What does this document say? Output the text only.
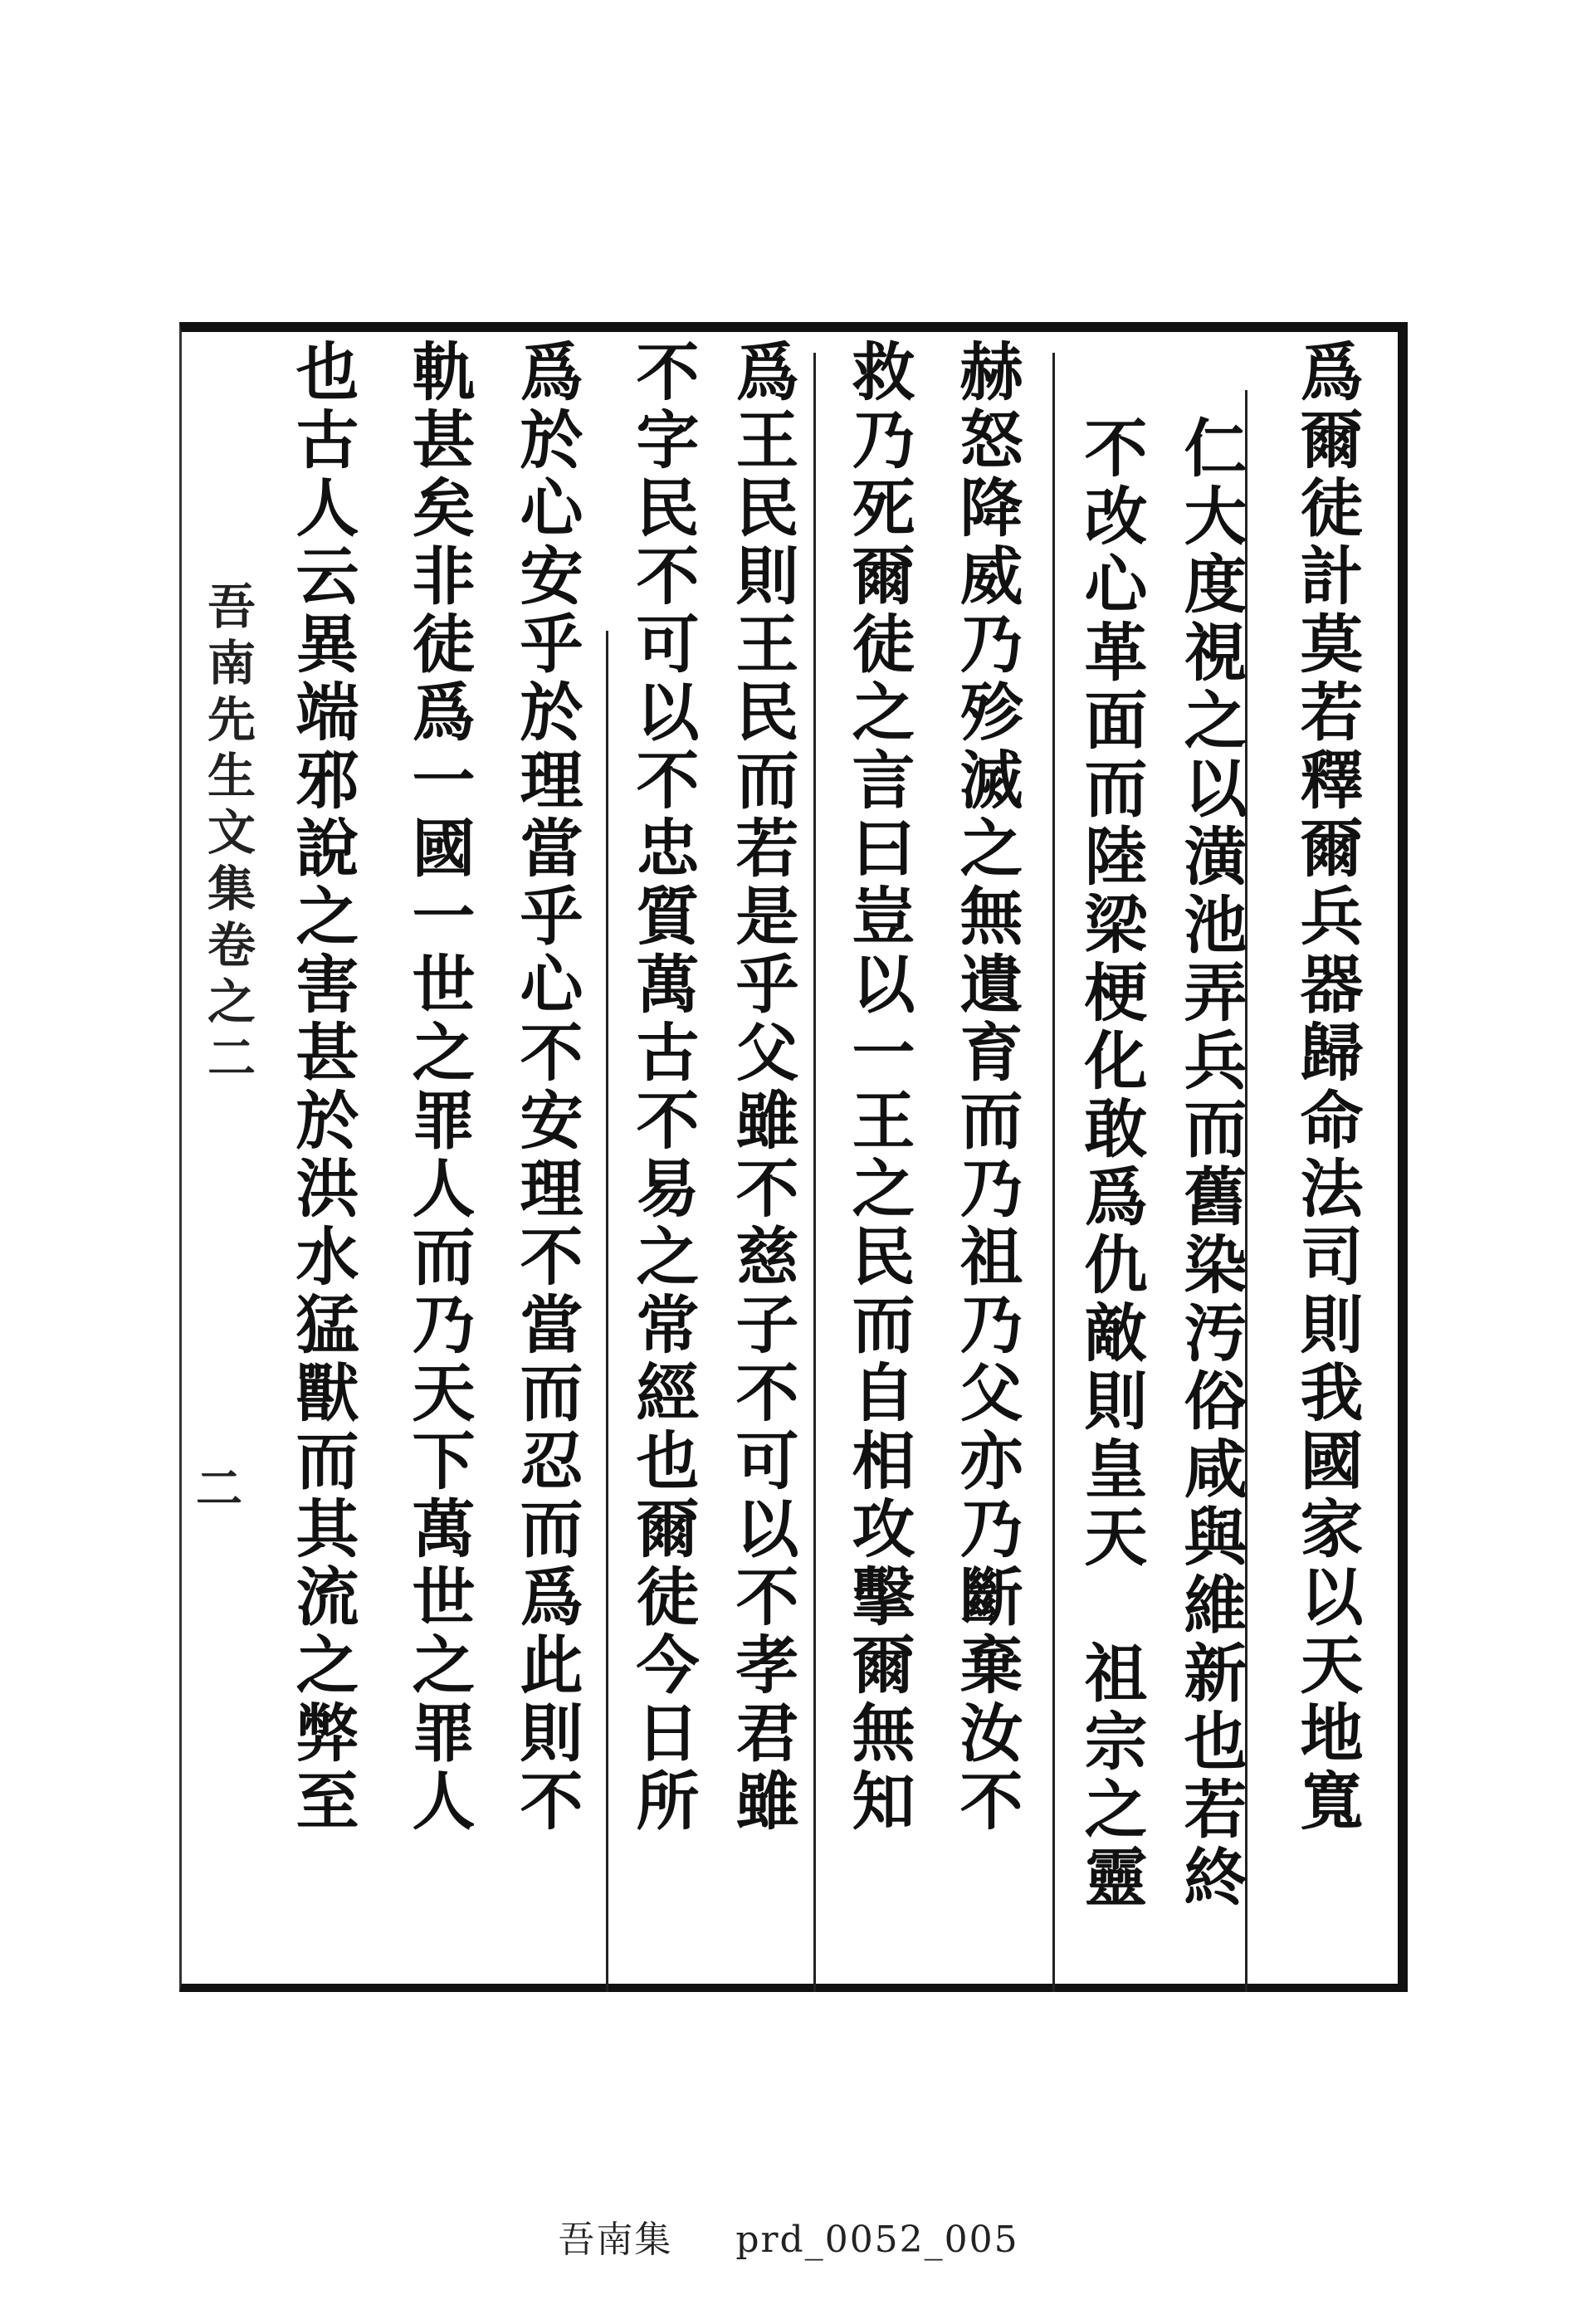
爲爾徒計莫若釋爾兵器歸命法司則我國家以天地寬
仁大度視之以潢池弄兵而舊染汚俗咸與維新也若終
不改心革面而陸梁梗化敢爲仇敵則皇天　祖宗之靈
赫怒降威乃殄滅之無遺育而乃祖乃父亦乃斷棄汝不
救乃死爾徒之言曰豈以一王之民而自相攻擊爾無知
爲王民則王民而若是乎父雖不慈子不可以不孝君雖
不字民不可以不忠質萬古不易之常經也爾徒今日所
爲於心安乎於理當乎心不安理不當而忍而爲此則不
軌甚矣非徒爲一國一世之罪人而乃天下萬世之罪人
也古人云異端邪說之害甚於洪水猛獸而其流之弊至
吾南先生文集卷之二
二
吾南集 prd_0052_005
